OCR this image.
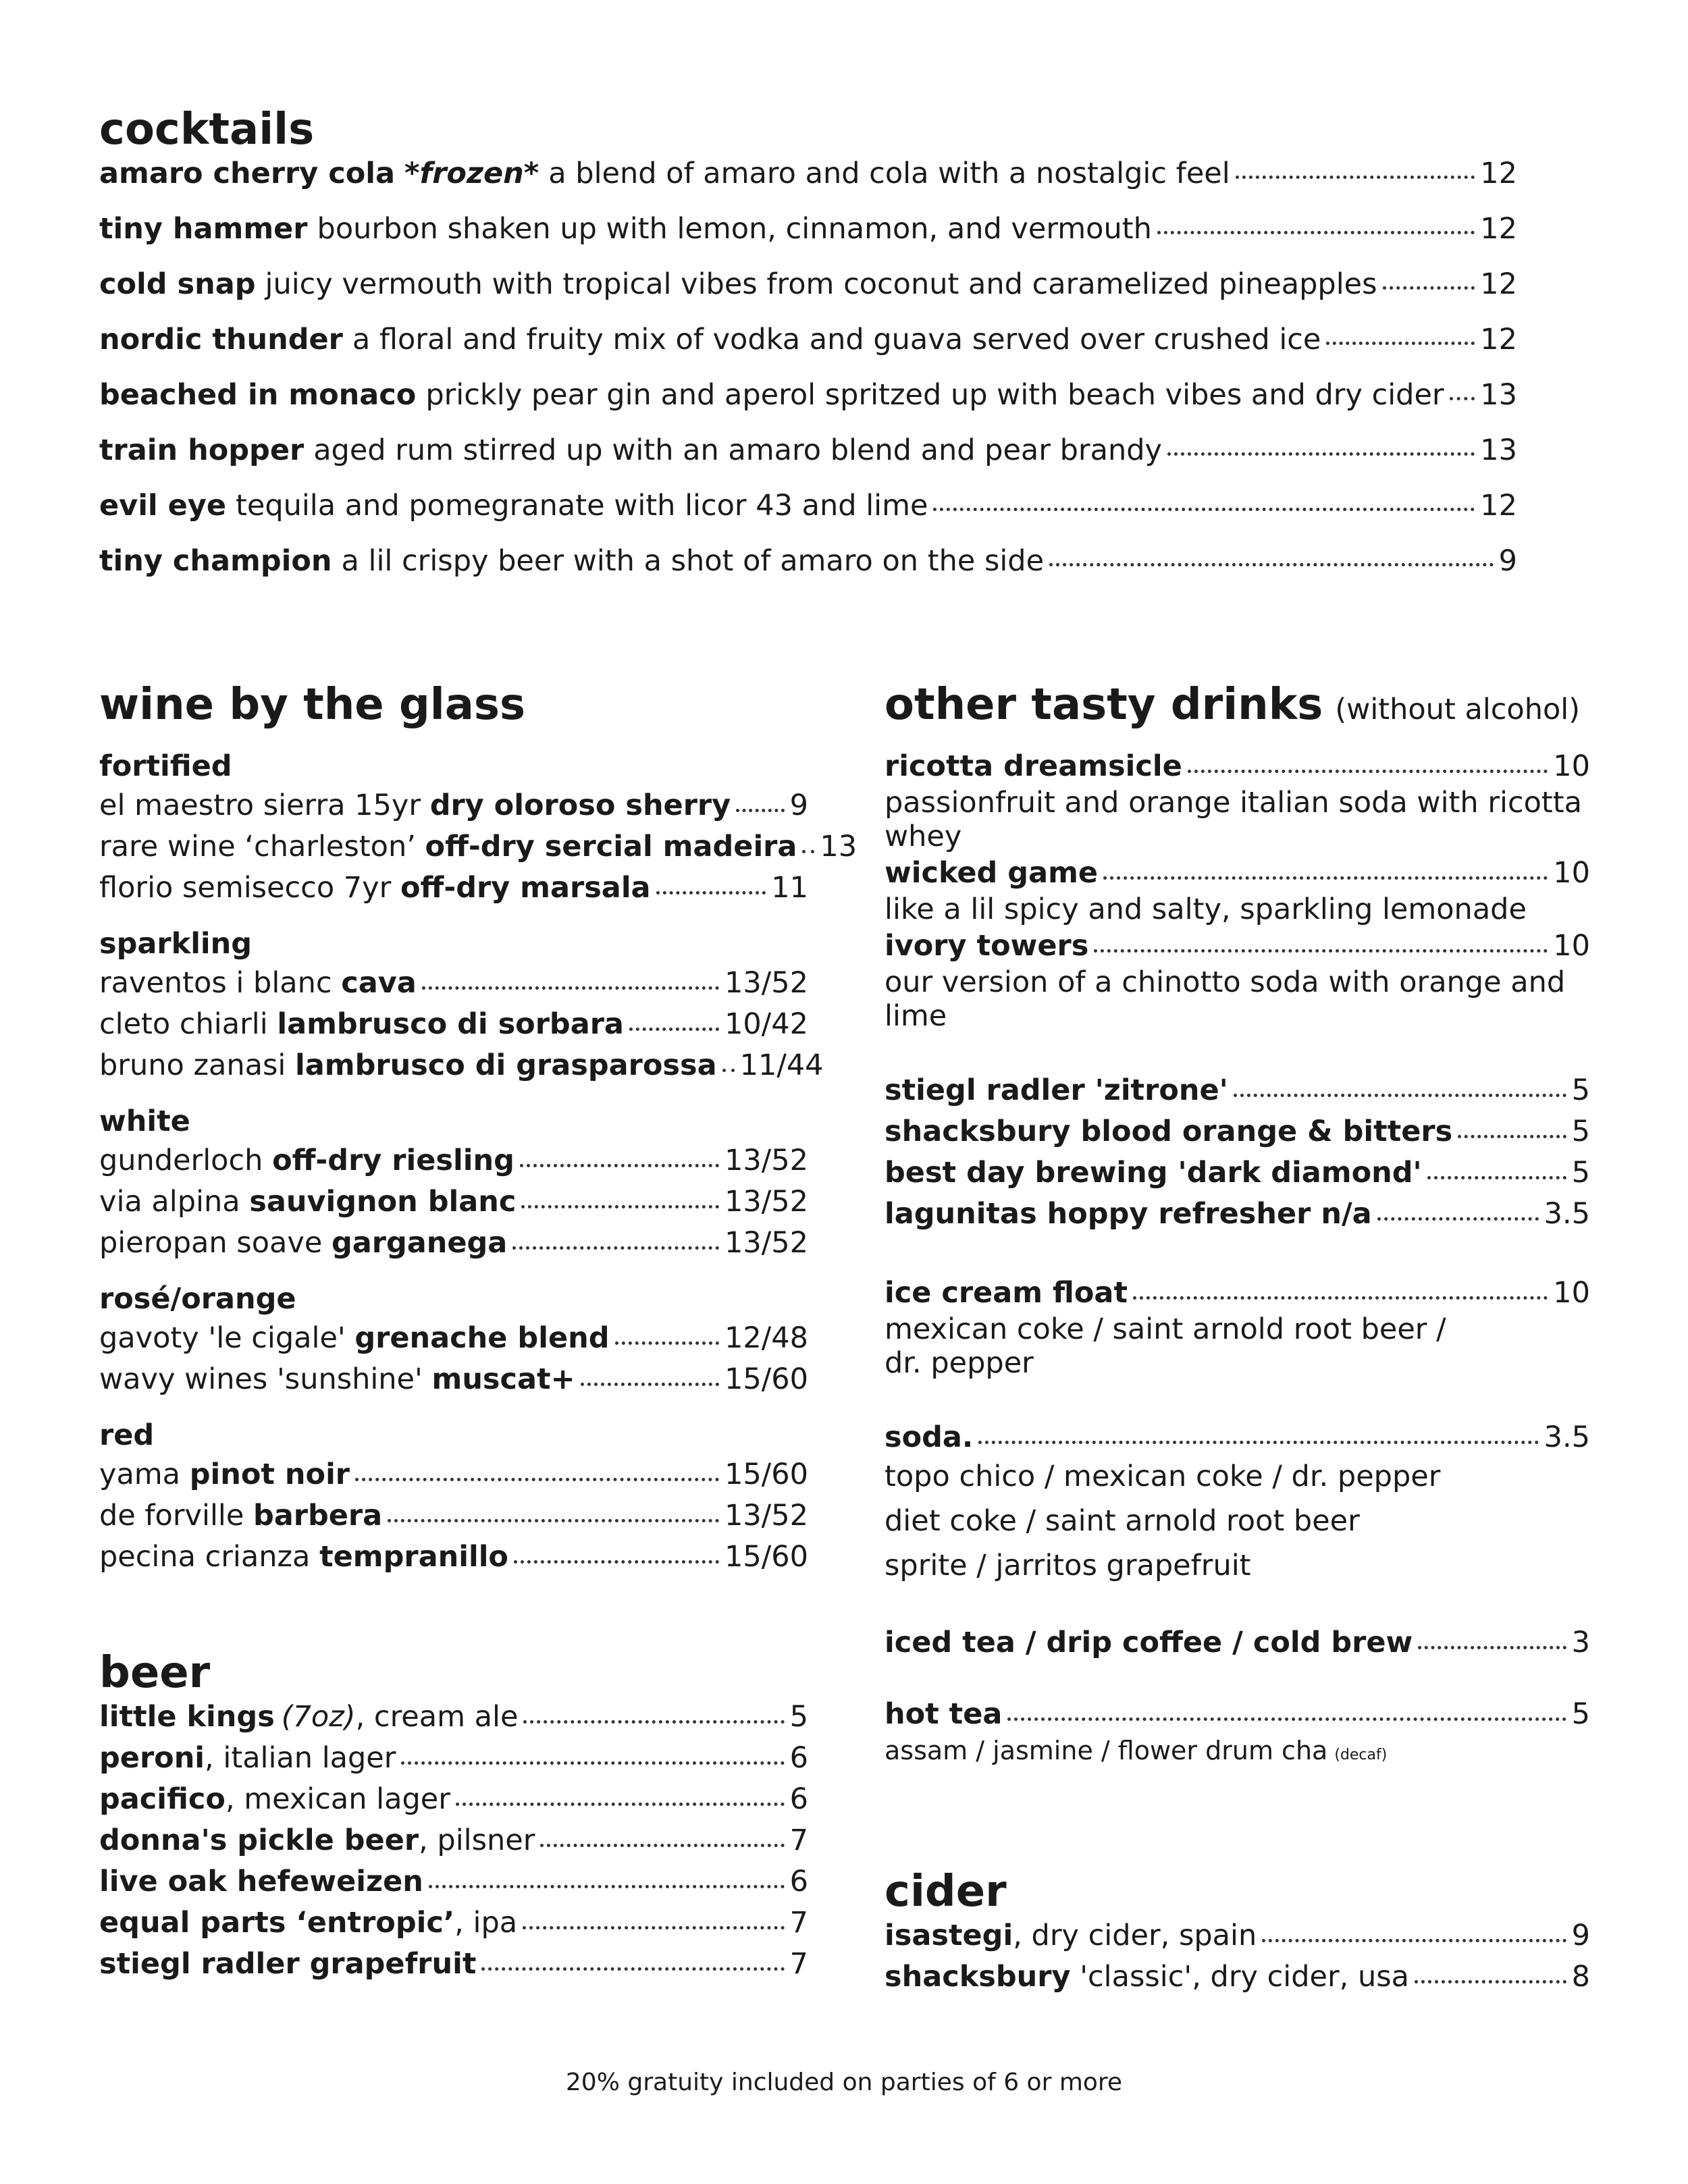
cocktails
amaro cherry cola *frozen* a blend of amaro and cola with a nostalgic feel	12
tiny hammer bourbon shaken up with lemon, cinnamon, and vermouth	12
cold snap juicy vermouth with tropical vibes from coconut and caramelized pineapples	12
nordic thunder a floral and fruity mix of vodka and guava served over crushed ice	12
beached in monaco prickly pear gin and aperol spritzed up with beach vibes and dry cider 13
train hopper aged rum stirred up with an amaro blend and pear brandy	13
evil eye tequila and pomegranate with licor 43 and lime	12
tiny champion a lil crispy beer with a shot of amaro on the side	9
wine by the glass
fortified
el maestro sierra 15yr dry oloroso sherry 9
rare wine ‘charleston’ off-dry sercial madeira 13
florio semisecco 7yr off-dry marsala	11
sparkling
raventos i blanc cava	13/52
cleto chiarli lambrusco di sorbara	10/42
bruno zanasi lambrusco di grasparossa 11/44
white
gunderloch off-dry riesling	13/52
via alpina sauvignon blanc	13/52
pieropan soave garganega	13/52
rosé/orange
gavoty 'le cigale' grenache blend	12/48
wavy wines 'sunshine' muscat+	15/60
red
yama pinot noir	15/60
de forville barbera	13/52
pecina crianza tempranillo	15/60
beer
little kings (7oz), cream ale	5
peroni, italian lager	6
pacifico, mexican lager	6
donna's pickle beer, pilsner	7
live oak hefeweizen	6
equal parts ‘entropic’, ipa	7
stiegl radler grapefruit	7
other tasty drinks (without alcohol)
ricotta dreamsicle	10
passionfruit and orange italian soda with ricotta whey
wicked game	10
like a lil spicy and salty, sparkling lemonade
ivory towers	10
our version of a chinotto soda with orange and lime
stiegl radler 'zitrone'	5
shacksbury blood orange & bitters	5
best day brewing 'dark diamond'	5
lagunitas hoppy refresher n/a	3.5
ice cream float	10
mexican coke / saint arnold root beer / dr. pepper
soda.	3.5
topo chico / mexican coke / dr. pepper
diet coke / saint arnold root beer
sprite / jarritos grapefruit
iced tea / drip coffee / cold brew	3
hot tea	5
assam / jasmine / flower drum cha (decaf)
cider
isastegi, dry cider, spain	9
shacksbury 'classic', dry cider, usa	8
20% gratuity included on parties of 6 or more
